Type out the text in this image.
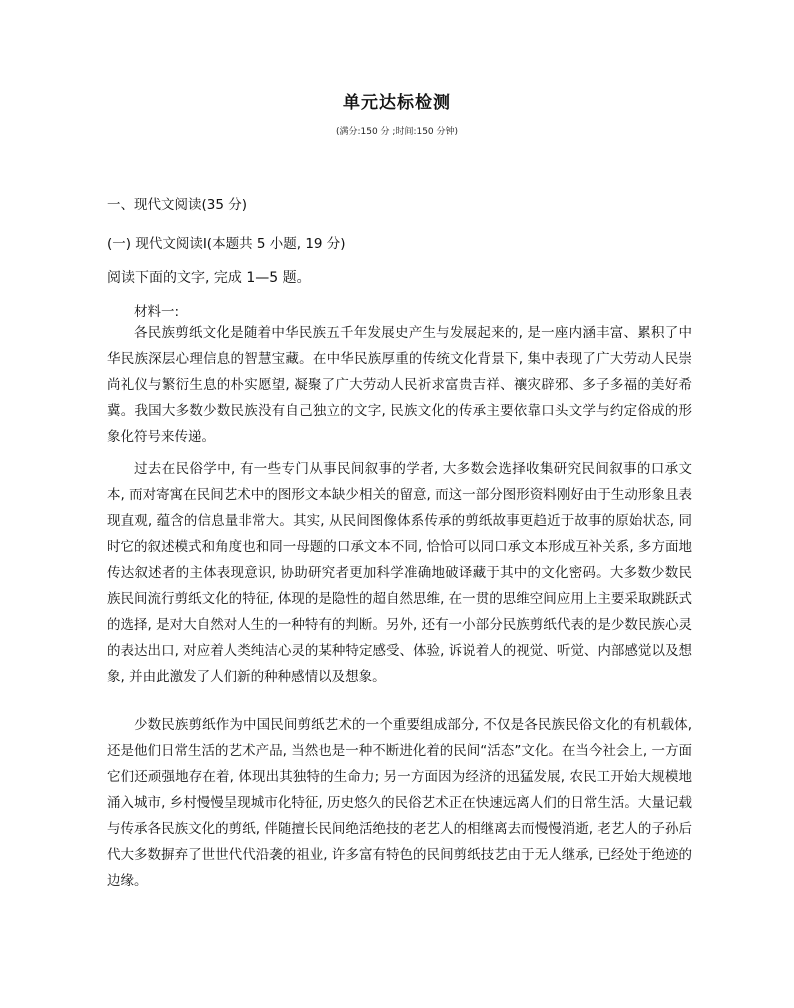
单元达标检测
(满分:150 分 ;时间:150 分钟)
一、现代文阅读(35 分)
(一) 现代文阅读Ⅰ(本题共 5 小题, 19 分)
阅读下面的文字, 完成 1—5 题。
材料一:

各民族剪纸文化是随着中华民族五千年发展史产生与发展起来的, 是一座内涵丰富、累积了中华民族深层心理信息的智慧宝藏。在中华民族厚重的传统文化背景下, 集中表现了广大劳动人民崇尚礼仪与繁衍生息的朴实愿望, 凝聚了广大劳动人民祈求富贵吉祥、禳灾辟邪、多子多福的美好希冀。我国大多数少数民族没有自己独立的文字, 民族文化的传承主要依靠口头文学与约定俗成的形象化符号来传递。

过去在民俗学中, 有一些专门从事民间叙事的学者, 大多数会选择收集研究民间叙事的口承文本, 而对寄寓在民间艺术中的图形文本缺少相关的留意, 而这一部分图形资料刚好由于生动形象且表现直观, 蕴含的信息量非常大。其实, 从民间图像体系传承的剪纸故事更趋近于故事的原始状态, 同时它的叙述模式和角度也和同一母题的口承文本不同, 恰恰可以同口承文本形成互补关系, 多方面地传达叙述者的主体表现意识, 协助研究者更加科学准确地破译藏于其中的文化密码。大多数少数民族民间流行剪纸文化的特征, 体现的是隐性的超自然思维, 在一贯的思维空间应用上主要采取跳跃式的选择, 是对大自然对人生的一种特有的判断。另外, 还有一小部分民族剪纸代表的是少数民族心灵的表达出口, 对应着人类纯洁心灵的某种特定感受、体验, 诉说着人的视觉、听觉、内部感觉以及想象, 并由此激发了人们新的种种感情以及想象。

少数民族剪纸作为中国民间剪纸艺术的一个重要组成部分, 不仅是各民族民俗文化的有机载体, 还是他们日常生活的艺术产品, 当然也是一种不断进化着的民间“活态”文化。在当今社会上, 一方面它们还顽强地存在着, 体现出其独特的生命力; 另一方面因为经济的迅猛发展, 农民工开始大规模地涌入城市, 乡村慢慢呈现城市化特征, 历史悠久的民俗艺术正在快速远离人们的日常生活。大量记载与传承各民族文化的剪纸, 伴随擅长民间绝活绝技的老艺人的相继离去而慢慢消逝, 老艺人的子孙后代大多数摒弃了世世代代沿袭的祖业, 许多富有特色的民间剪纸技艺由于无人继承, 已经处于绝迹的边缘。
